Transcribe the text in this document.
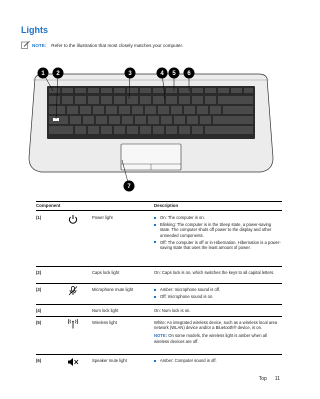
Lights
NOTE: Refer to the illustration that most closely matches your computer.
1 2	3	4 5 6
7
Component	Description
(1)	Power light	On: The computer is on.
Blinking: The computer is in the Sleep state, a power-saving state. The computer shuts off power to the display and other unneeded components.
Off: The computer is off or in Hibernation. Hibernation is a power-saving state that uses the least amount of power.
(2)	Caps lock light	On: Caps lock is on, which switches the keys to all capital letters.
(3)	Microphone mute light	Amber: microphone sound is off.
Off: microphone sound is on.
(4)	Num lock light	On: Num lock is on.
(5)	Wireless light	White: An integrated wireless device, such as a wireless local area network (WLAN) device and/or a Bluetooth® device, is on.
NOTE: On some models, the wireless light is amber when all wireless devices are off.
(6)	Speaker mute light	Amber: Computer sound is off.
Top 11
